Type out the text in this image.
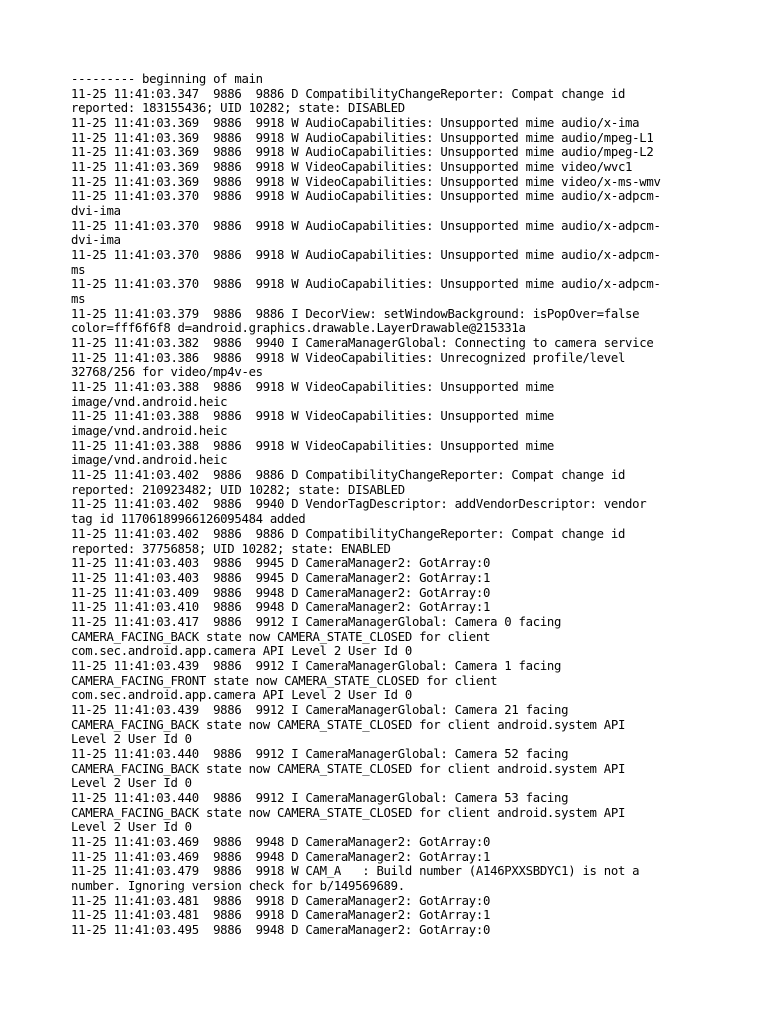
--------- beginning of main
11-25 11:41:03.347  9886  9886 D CompatibilityChangeReporter: Compat change id
reported: 183155436; UID 10282; state: DISABLED
11-25 11:41:03.369  9886  9918 W AudioCapabilities: Unsupported mime audio/x-ima
11-25 11:41:03.369  9886  9918 W AudioCapabilities: Unsupported mime audio/mpeg-L1
11-25 11:41:03.369  9886  9918 W AudioCapabilities: Unsupported mime audio/mpeg-L2
11-25 11:41:03.369  9886  9918 W VideoCapabilities: Unsupported mime video/wvc1
11-25 11:41:03.369  9886  9918 W VideoCapabilities: Unsupported mime video/x-ms-wmv
11-25 11:41:03.370  9886  9918 W AudioCapabilities: Unsupported mime audio/x-adpcm-
dvi-ima
11-25 11:41:03.370  9886  9918 W AudioCapabilities: Unsupported mime audio/x-adpcm-
dvi-ima
11-25 11:41:03.370  9886  9918 W AudioCapabilities: Unsupported mime audio/x-adpcm-
ms
11-25 11:41:03.370  9886  9918 W AudioCapabilities: Unsupported mime audio/x-adpcm-
ms
11-25 11:41:03.379  9886  9886 I DecorView: setWindowBackground: isPopOver=false
color=fff6f6f8 d=android.graphics.drawable.LayerDrawable@215331a
11-25 11:41:03.382  9886  9940 I CameraManagerGlobal: Connecting to camera service
11-25 11:41:03.386  9886  9918 W VideoCapabilities: Unrecognized profile/level
32768/256 for video/mp4v-es
11-25 11:41:03.388  9886  9918 W VideoCapabilities: Unsupported mime
image/vnd.android.heic
11-25 11:41:03.388  9886  9918 W VideoCapabilities: Unsupported mime
image/vnd.android.heic
11-25 11:41:03.388  9886  9918 W VideoCapabilities: Unsupported mime
image/vnd.android.heic
11-25 11:41:03.402  9886  9886 D CompatibilityChangeReporter: Compat change id
reported: 210923482; UID 10282; state: DISABLED
11-25 11:41:03.402  9886  9940 D VendorTagDescriptor: addVendorDescriptor: vendor
tag id 11706189966126095484 added
11-25 11:41:03.402  9886  9886 D CompatibilityChangeReporter: Compat change id
reported: 37756858; UID 10282; state: ENABLED
11-25 11:41:03.403  9886  9945 D CameraManager2: GotArray:0
11-25 11:41:03.403  9886  9945 D CameraManager2: GotArray:1
11-25 11:41:03.409  9886  9948 D CameraManager2: GotArray:0
11-25 11:41:03.410  9886  9948 D CameraManager2: GotArray:1
11-25 11:41:03.417  9886  9912 I CameraManagerGlobal: Camera 0 facing
CAMERA_FACING_BACK state now CAMERA_STATE_CLOSED for client
com.sec.android.app.camera API Level 2 User Id 0
11-25 11:41:03.439  9886  9912 I CameraManagerGlobal: Camera 1 facing
CAMERA_FACING_FRONT state now CAMERA_STATE_CLOSED for client
com.sec.android.app.camera API Level 2 User Id 0
11-25 11:41:03.439  9886  9912 I CameraManagerGlobal: Camera 21 facing
CAMERA_FACING_BACK state now CAMERA_STATE_CLOSED for client android.system API
Level 2 User Id 0
11-25 11:41:03.440  9886  9912 I CameraManagerGlobal: Camera 52 facing
CAMERA_FACING_BACK state now CAMERA_STATE_CLOSED for client android.system API
Level 2 User Id 0
11-25 11:41:03.440  9886  9912 I CameraManagerGlobal: Camera 53 facing
CAMERA_FACING_BACK state now CAMERA_STATE_CLOSED for client android.system API
Level 2 User Id 0
11-25 11:41:03.469  9886  9948 D CameraManager2: GotArray:0
11-25 11:41:03.469  9886  9948 D CameraManager2: GotArray:1
11-25 11:41:03.479  9886  9918 W CAM_A   : Build number (A146PXXSBDYC1) is not a
number. Ignoring version check for b/149569689.
11-25 11:41:03.481  9886  9918 D CameraManager2: GotArray:0
11-25 11:41:03.481  9886  9918 D CameraManager2: GotArray:1
11-25 11:41:03.495  9886  9948 D CameraManager2: GotArray:0
